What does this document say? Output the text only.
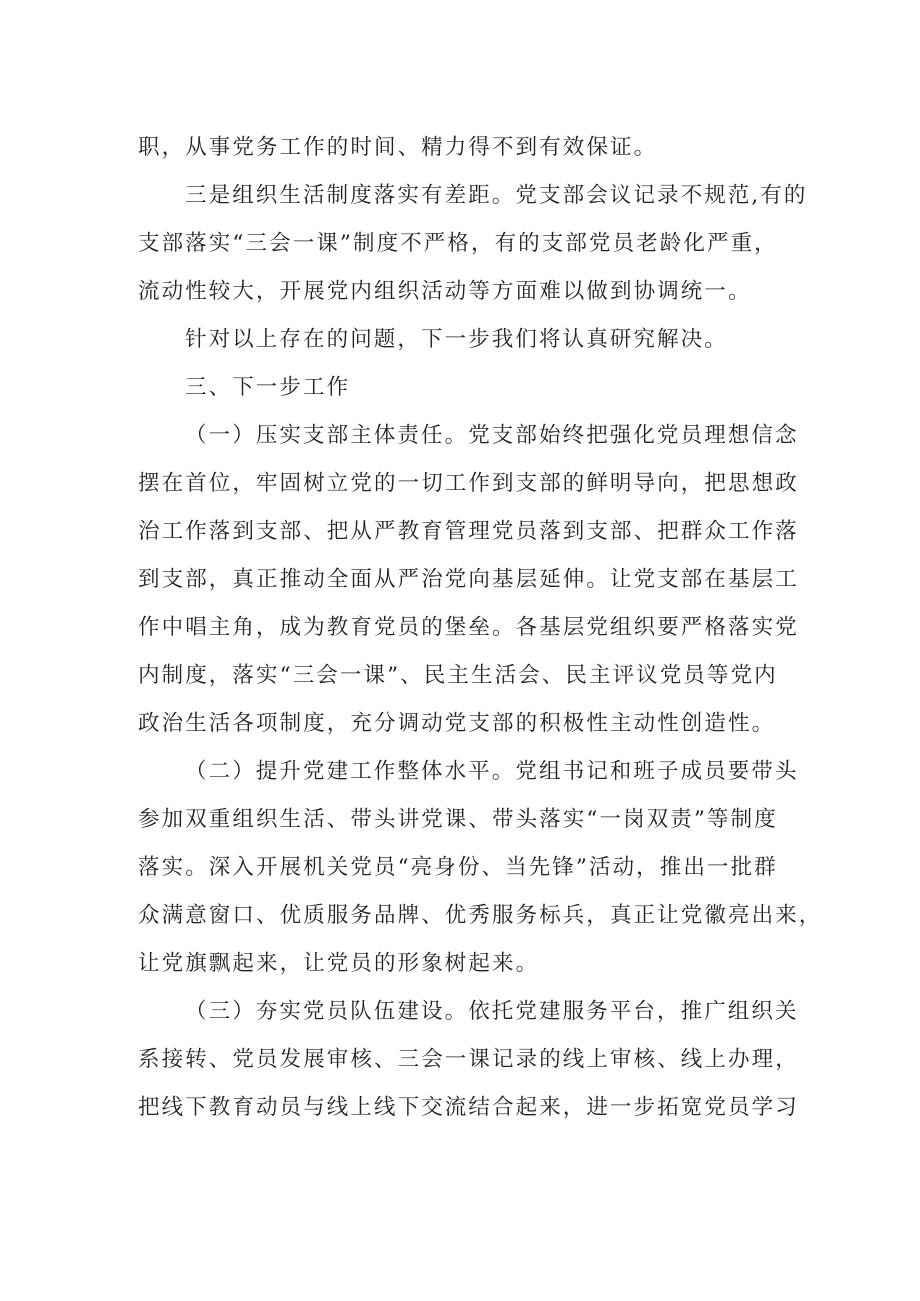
职，从事党务工作的时间、精力得不到有效保证。
三是组织生活制度落实有差距。党支部会议记录不规范,有的
支部落实“三会一课”制度不严格，有的支部党员老龄化严重，
流动性较大，开展党内组织活动等方面难以做到协调统一。
针对以上存在的问题，下一步我们将认真研究解决。
三、下一步工作
（一）压实支部主体责任。党支部始终把强化党员理想信念
摆在首位，牢固树立党的一切工作到支部的鲜明导向，把思想政
治工作落到支部、把从严教育管理党员落到支部、把群众工作落
到支部，真正推动全面从严治党向基层延伸。让党支部在基层工
作中唱主角，成为教育党员的堡垒。各基层党组织要严格落实党
内制度，落实“三会一课”、民主生活会、民主评议党员等党内
政治生活各项制度，充分调动党支部的积极性主动性创造性。
（二）提升党建工作整体水平。党组书记和班子成员要带头
参加双重组织生活、带头讲党课、带头落实“一岗双责”等制度
落实。深入开展机关党员“亮身份、当先锋”活动，推出一批群
众满意窗口、优质服务品牌、优秀服务标兵，真正让党徽亮出来，
让党旗飘起来，让党员的形象树起来。
（三）夯实党员队伍建设。依托党建服务平台，推广组织关
系接转、党员发展审核、三会一课记录的线上审核、线上办理，
把线下教育动员与线上线下交流结合起来，进一步拓宽党员学习
